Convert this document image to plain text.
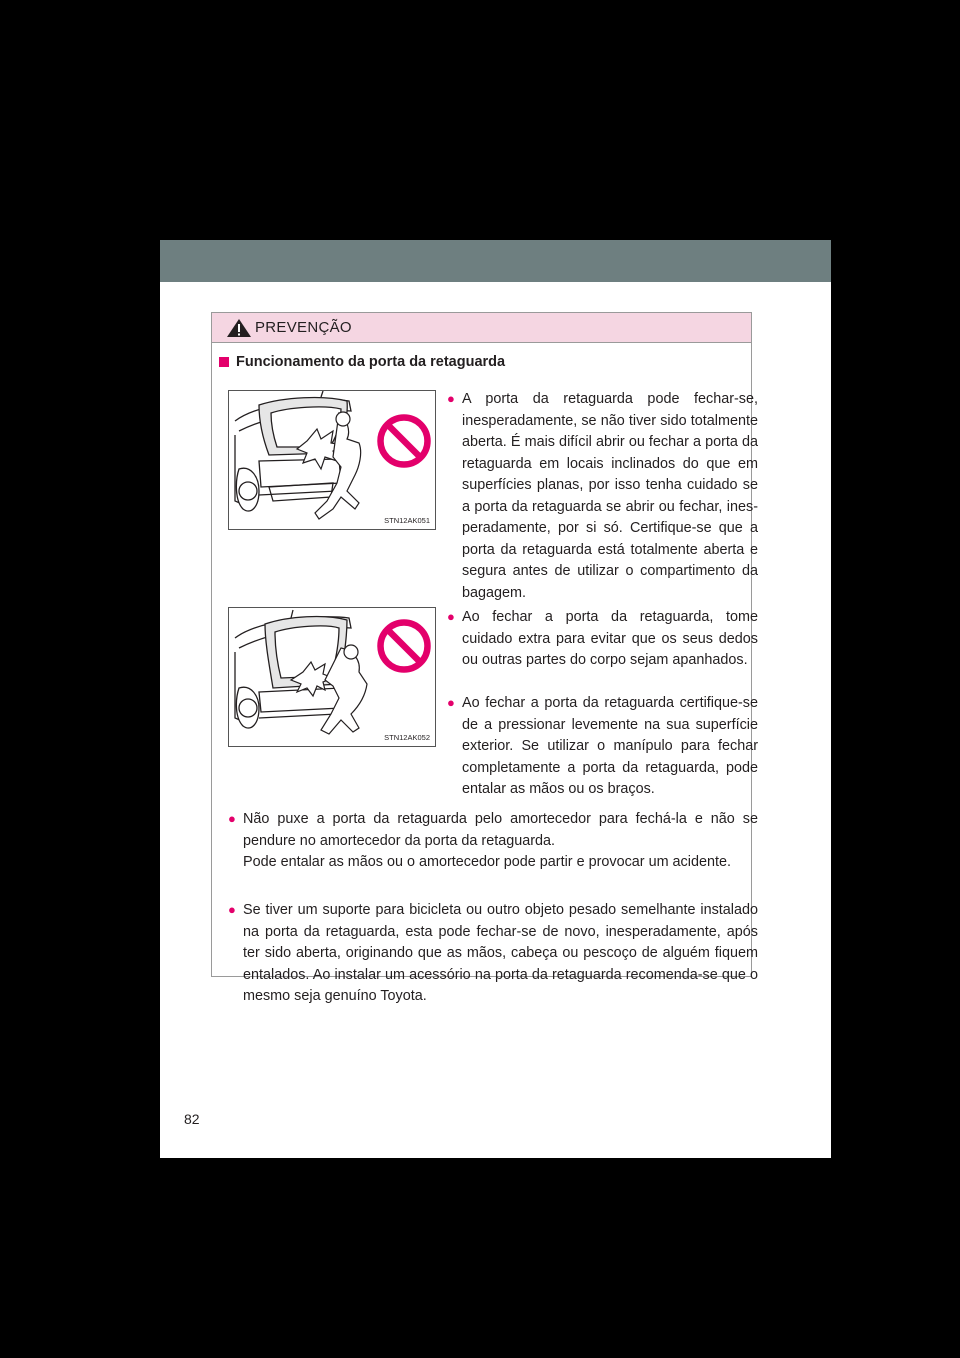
PREVENÇÃO
Funcionamento da porta da retaguarda
STN12AK051
STN12AK052
● A porta da retaguarda pode fechar-se, inesperadamente, se não tiver sido totalmente aberta. É mais difícil abrir ou fechar a porta da retaguarda em locais inclinados do que em superfícies planas, por isso tenha cuidado se a porta da retaguarda se abrir ou fechar, inesperadamente, por si só. Certifique-se que a porta da retaguarda está totalmente aberta e segura antes de utilizar o compartimento da bagagem.
● Ao fechar a porta da retaguarda, tome cuidado extra para evitar que os seus dedos ou outras partes do corpo sejam apanhados.
● Ao fechar a porta da retaguarda certifique-se de a pressionar levemente na sua superfície exterior. Se utilizar o manípulo para fechar completamente a porta da retaguarda, pode entalar as mãos ou os braços.
● Não puxe a porta da retaguarda pelo amortecedor para fechá-la e não se pendure no amortecedor da porta da retaguarda.
Pode entalar as mãos ou o amortecedor pode partir e provocar um acidente.
● Se tiver um suporte para bicicleta ou outro objeto pesado semelhante instalado na porta da retaguarda, esta pode fechar-se de novo, inesperadamente, após ter sido aberta, originando que as mãos, cabeça ou pescoço de alguém fiquem entalados. Ao instalar um acessório na porta da retaguarda recomenda-se que o mesmo seja genuíno Toyota.
82
